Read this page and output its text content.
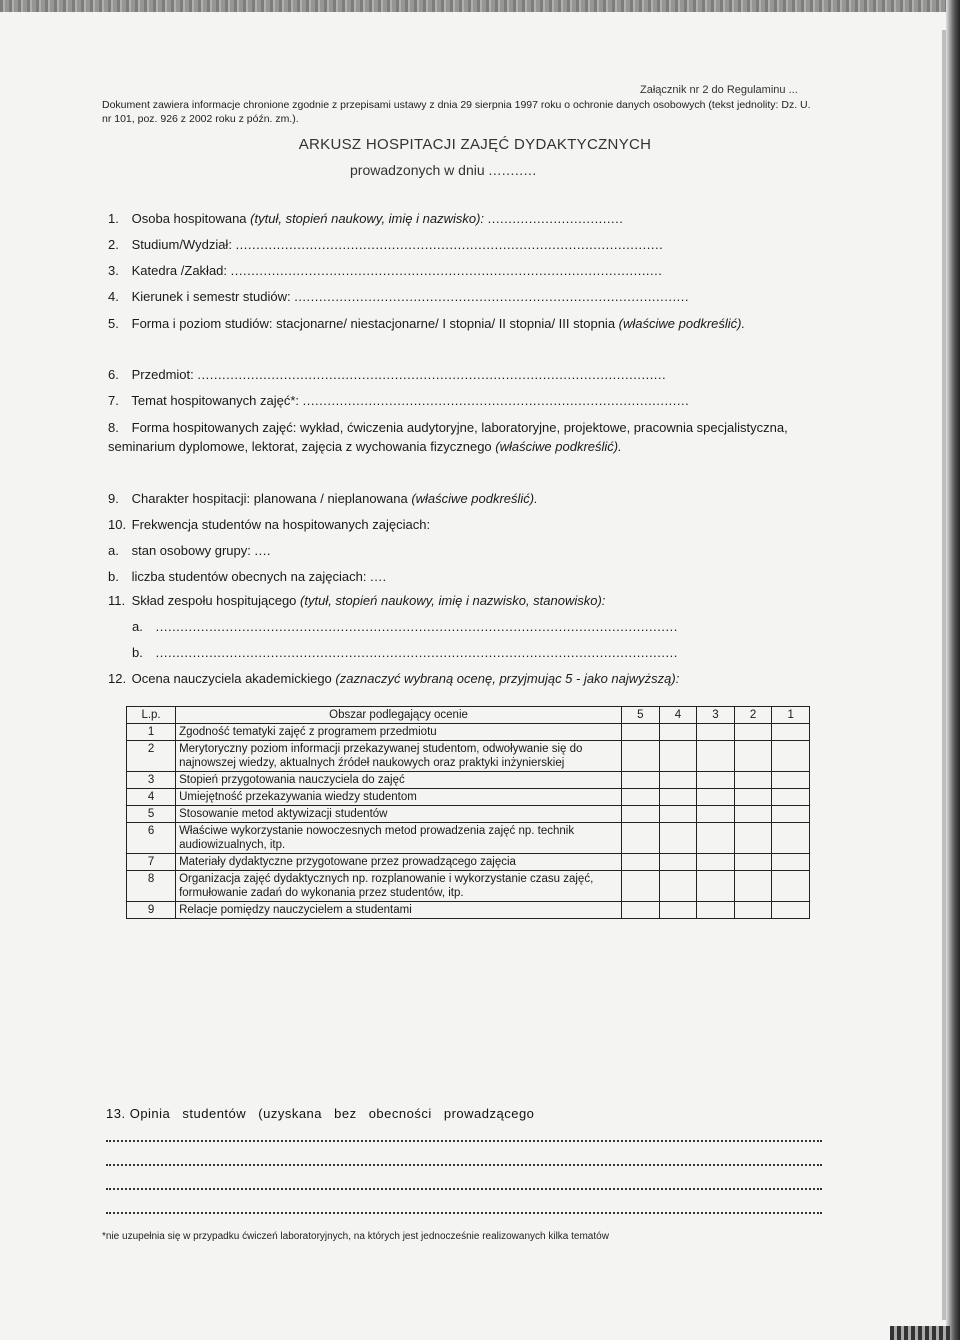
Załącznik nr 2 do Regulaminu ...
Dokument zawiera informacje chronione zgodnie z przepisami ustawy z dnia 29 sierpnia 1997 roku o ochronie danych osobowych (tekst jednolity: Dz. U. nr 101, poz. 926 z 2002 roku z późn. zm.).
ARKUSZ HOSPITACJI ZAJĘĆ DYDAKTYCZNYCH
prowadzonych w dniu ...........
1. Osoba hospitowana (tytuł, stopień naukowy, imię i nazwisko): .................................
2. Studium/Wydział: ........................................................................................................
3. Katedra /Zakład: .........................................................................................................
4. Kierunek i semestr studiów: ................................................................................................
5. Forma i poziom studiów: stacjonarne/ niestacjonarne/ I stopnia/ II stopnia/ III stopnia (właściwe podkreślić).
6. Przedmiot: ..................................................................................................................
7. Temat hospitowanych zajęć*: ..............................................................................................
8. Forma hospitowanych zajęć: wykład, ćwiczenia audytoryjne, laboratoryjne, projektowe, pracownia specjalistyczna, seminarium dyplomowe, lektorat, zajęcia z wychowania fizycznego (właściwe podkreślić).
9. Charakter hospitacji: planowana / nieplanowana (właściwe podkreślić).
10. Frekwencja studentów na hospitowanych zajęciach:
a. stan osobowy grupy: ....
b. liczba studentów obecnych na zajęciach: ....
11. Skład zespołu hospitującego (tytuł, stopień naukowy, imię i nazwisko, stanowisko):
a. ...............................................................................................................................
b. ...............................................................................................................................
12. Ocena nauczyciela akademickiego (zaznaczyć wybraną ocenę, przyjmując 5 - jako najwyższą):
L.p.	Obszar podlegający ocenie	5	4	3	2	1
1	Zgodność tematyki zajęć z programem przedmiotu					
2	Merytoryczny poziom informacji przekazywanej studentom, odwoływanie się do najnowszej wiedzy, aktualnych źródeł naukowych oraz praktyki inżynierskiej					
3	Stopień przygotowania nauczyciela do zajęć					
4	Umiejętność przekazywania wiedzy studentom					
5	Stosowanie metod aktywizacji studentów					
6	Właściwe wykorzystanie nowoczesnych metod prowadzenia zajęć np. technik audiowizualnych, itp.					
7	Materiały dydaktyczne przygotowane przez prowadzącego zajęcia					
8	Organizacja zajęć dydaktycznych np. rozplanowanie i wykorzystanie czasu zajęć, formułowanie zadań do wykonania przez studentów, itp.					
9	Relacje pomiędzy nauczycielem a studentami					
13. Opinia studentów (uzyskana bez obecności prowadzącego
*nie uzupełnia się w przypadku ćwiczeń laboratoryjnych, na których jest jednocześnie realizowanych kilka tematów
